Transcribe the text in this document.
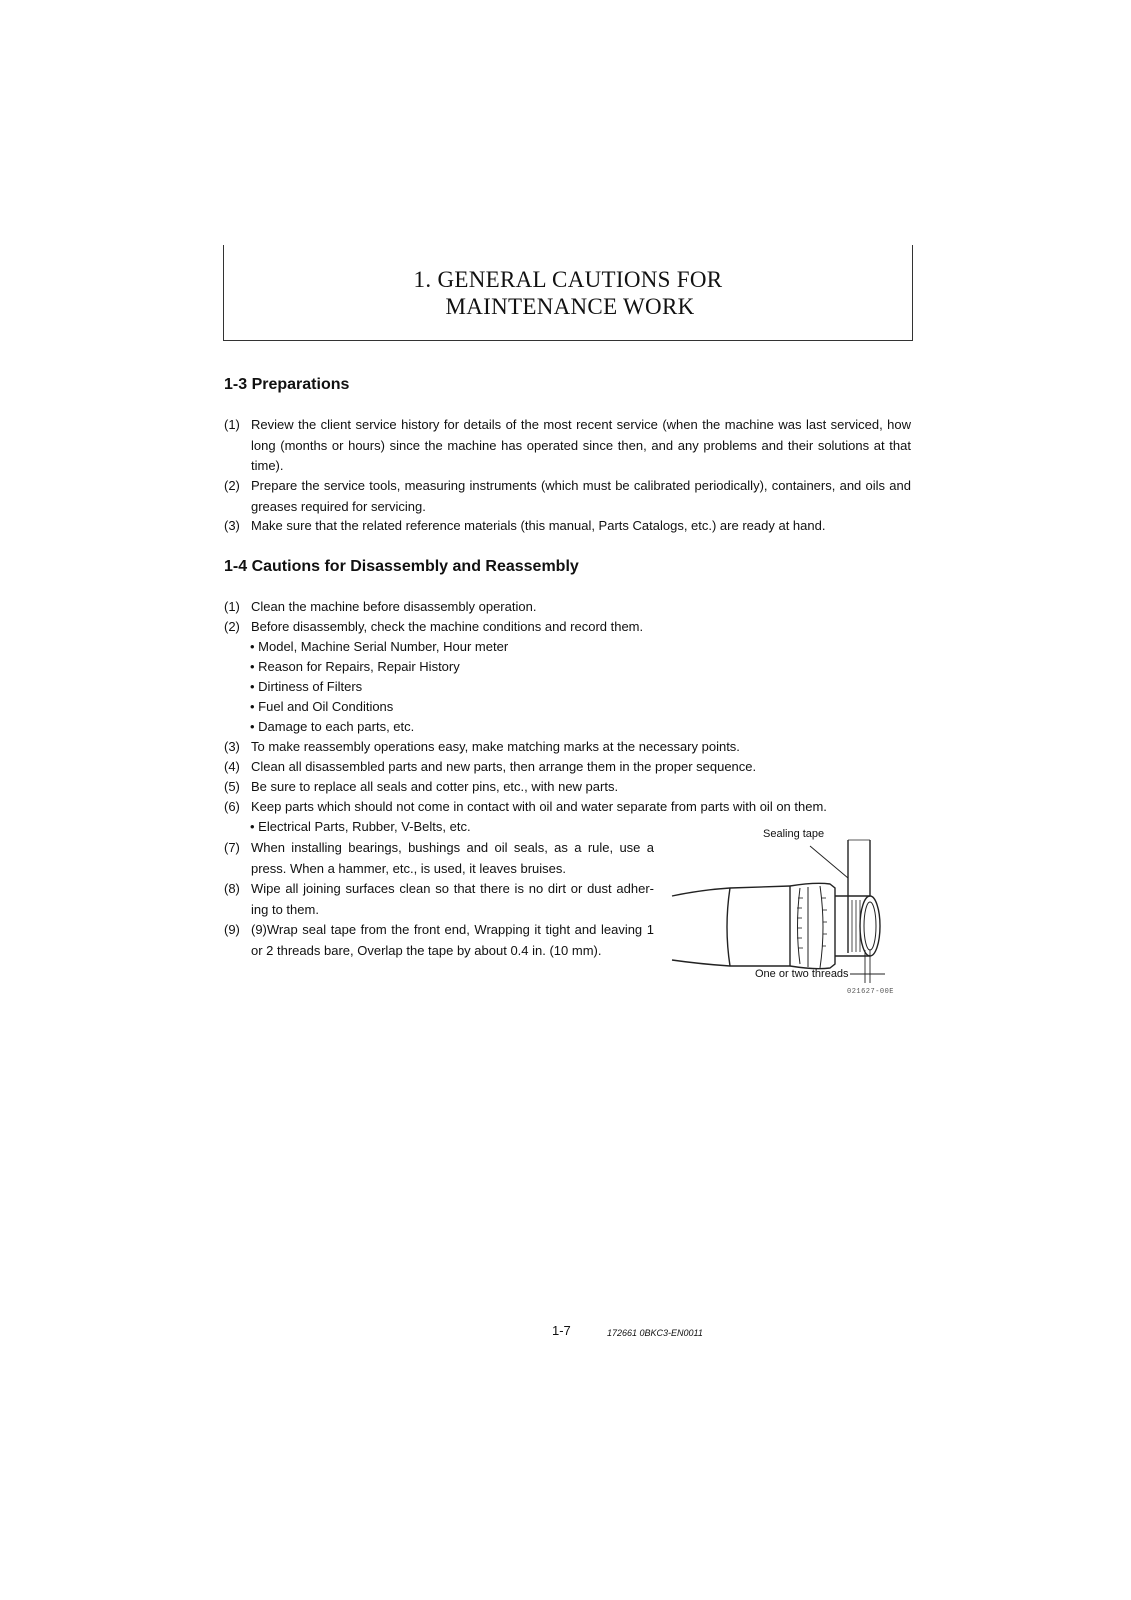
1. GENERAL CAUTIONS FOR
MAINTENANCE WORK
1-3 Preparations
(1) Review the client service history for details of the most recent service (when the machine was last serviced, how long (months or hours) since the machine has operated since then, and any problems and their solutions at that time).
(2) Prepare the service tools, measuring instruments (which must be calibrated periodically), containers, and oils and greases required for servicing.
(3) Make sure that the related reference materials (this manual, Parts Catalogs, etc.) are ready at hand.
1-4 Cautions for Disassembly and Reassembly
(1) Clean the machine before disassembly operation.
(2) Before disassembly, check the machine conditions and record them.
• Model, Machine Serial Number, Hour meter
• Reason for Repairs, Repair History
• Dirtiness of Filters
• Fuel and Oil Conditions
• Damage to each parts, etc.
(3) To make reassembly operations easy, make matching marks at the necessary points.
(4) Clean all disassembled parts and new parts, then arrange them in the proper sequence.
(5) Be sure to replace all seals and cotter pins, etc., with new parts.
(6) Keep parts which should not come in contact with oil and water separate from parts with oil on them.
• Electrical Parts, Rubber, V-Belts, etc.
(7) When installing bearings, bushings and oil seals, as a rule, use a press. When a hammer, etc., is used, it leaves bruises.
(8) Wipe all joining surfaces clean so that there is no dirt or dust adher-ing to them.
(9) (9)Wrap seal tape from the front end, Wrapping it tight and leaving 1 or 2 threads bare, Overlap the tape by about 0.4 in. (10 mm).
Sealing tape
One or two threads
021627-00E
1-7	172661 0BKC3-EN0011
